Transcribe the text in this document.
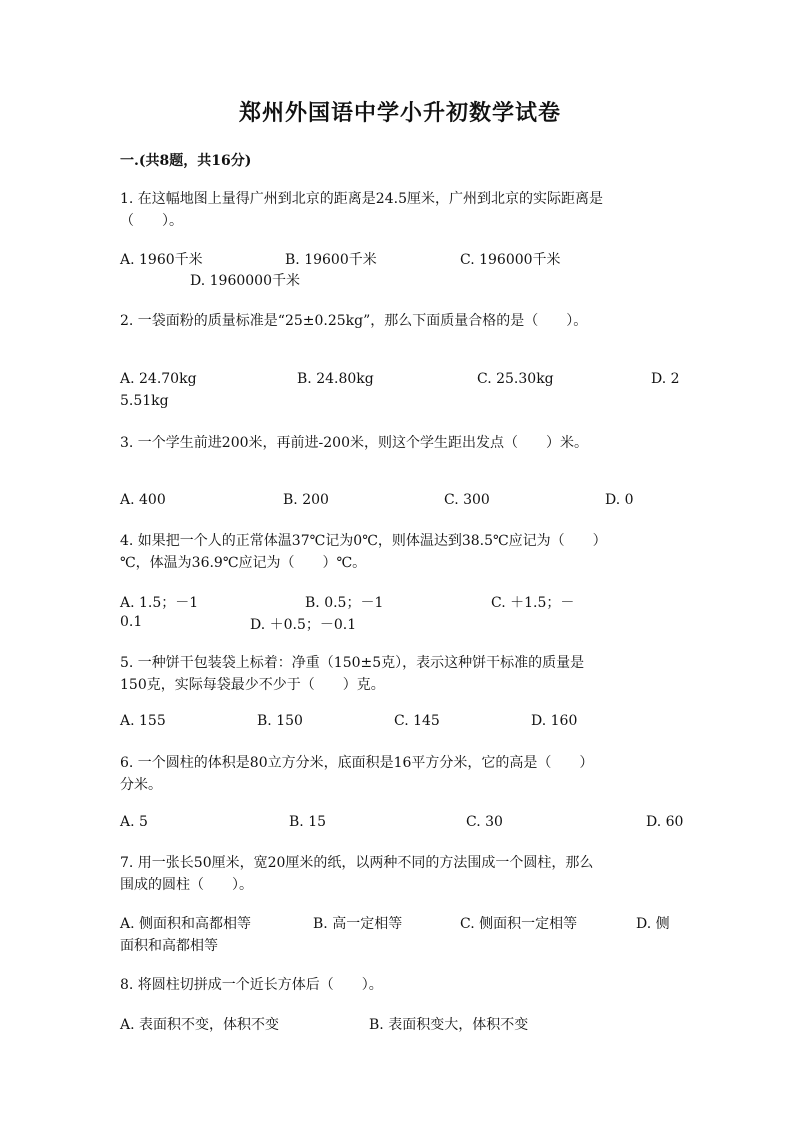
郑州外国语中学小升初数学试卷
一.(共8题，共16分)
1. 在这幅地图上量得广州到北京的距离是24.5厘米，广州到北京的实际距离是
（　　）。
A. 1960千米	B. 19600千米	C. 196000千米
D. 1960000千米
2. 一袋面粉的质量标准是“25±0.25kg”，那么下面质量合格的是（　　）。
A. 24.70kg	B. 24.80kg	C. 25.30kg	D. 2
5.51kg
3. 一个学生前进200米，再前进-200米，则这个学生距出发点（　　）米。
A. 400	B. 200	C. 300	D. 0
4. 如果把一个人的正常体温37℃记为0℃，则体温达到38.5℃应记为（　　）
℃，体温为36.9℃应记为（　　）℃。
A. 1.5；－1	B. 0.5；－1	C. ＋1.5；－
0.1	D. ＋0.5；－0.1
5. 一种饼干包装袋上标着：净重（150±5克），表示这种饼干标准的质量是
150克，实际每袋最少不少于（　　）克。
A. 155	B. 150	C. 145	D. 160
6. 一个圆柱的体积是80立方分米，底面积是16平方分米，它的高是（　　）
分米。
A. 5	B. 15	C. 30	D. 60
7. 用一张长50厘米，宽20厘米的纸，以两种不同的方法围成一个圆柱，那么
围成的圆柱（　　）。
A. 侧面积和高都相等	B. 高一定相等	C. 侧面积一定相等	D. 侧
面积和高都相等
8. 将圆柱切拼成一个近长方体后（　　）。
A. 表面积不变，体积不变	B. 表面积变大，体积不变
